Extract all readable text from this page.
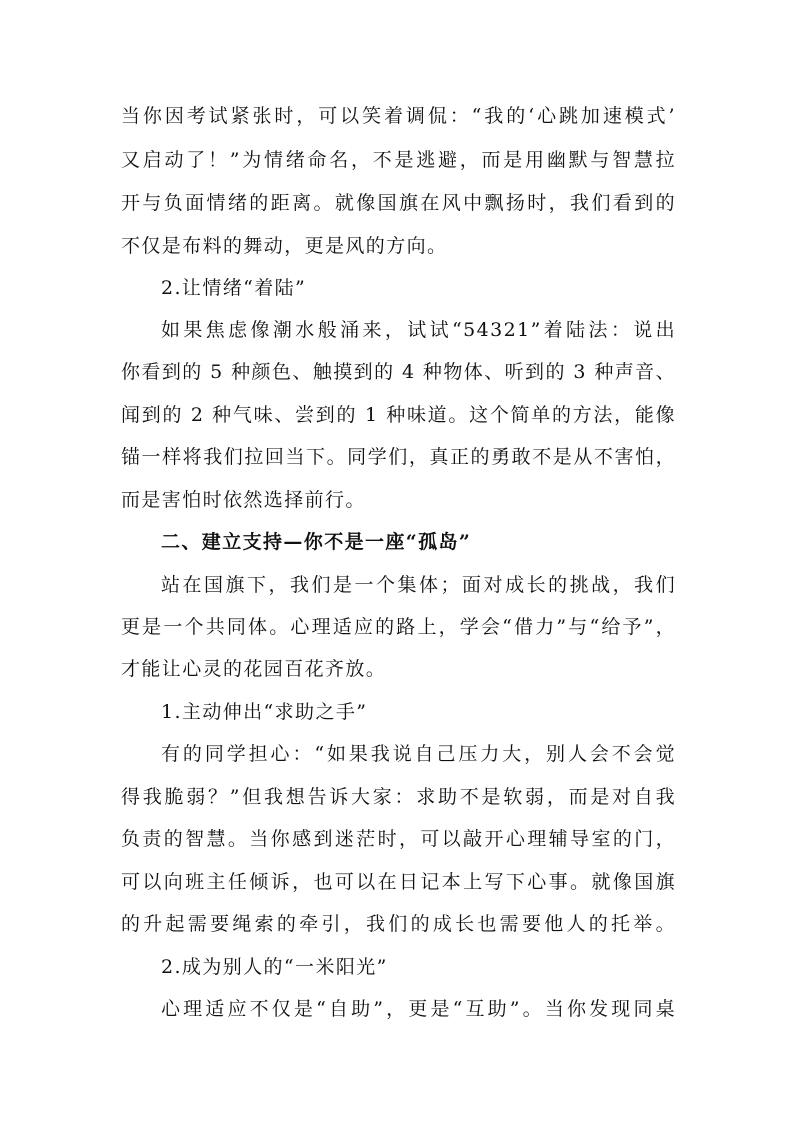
当你因考试紧张时，可以笑着调侃：“我的‘心跳加速模式’
又启动了！”为情绪命名，不是逃避，而是用幽默与智慧拉
开与负面情绪的距离。就像国旗在风中飘扬时，我们看到的
不仅是布料的舞动，更是风的方向。
2.让情绪“着陆”
如果焦虑像潮水般涌来，试试“54321”着陆法：说出
你看到的 5 种颜色、触摸到的 4 种物体、听到的 3 种声音、
闻到的 2 种气味、尝到的 1 种味道。这个简单的方法，能像
锚一样将我们拉回当下。同学们，真正的勇敢不是从不害怕，
而是害怕时依然选择前行。
二、建立支持—你不是一座“孤岛”
站在国旗下，我们是一个集体；面对成长的挑战，我们
更是一个共同体。心理适应的路上，学会“借力”与“给予”，
才能让心灵的花园百花齐放。
1.主动伸出“求助之手”
有的同学担心：“如果我说自己压力大，别人会不会觉
得我脆弱？”但我想告诉大家：求助不是软弱，而是对自我
负责的智慧。当你感到迷茫时，可以敲开心理辅导室的门，
可以向班主任倾诉，也可以在日记本上写下心事。就像国旗
的升起需要绳索的牵引，我们的成长也需要他人的托举。
2.成为别人的“一米阳光”
心理适应不仅是“自助”，更是“互助”。当你发现同桌
